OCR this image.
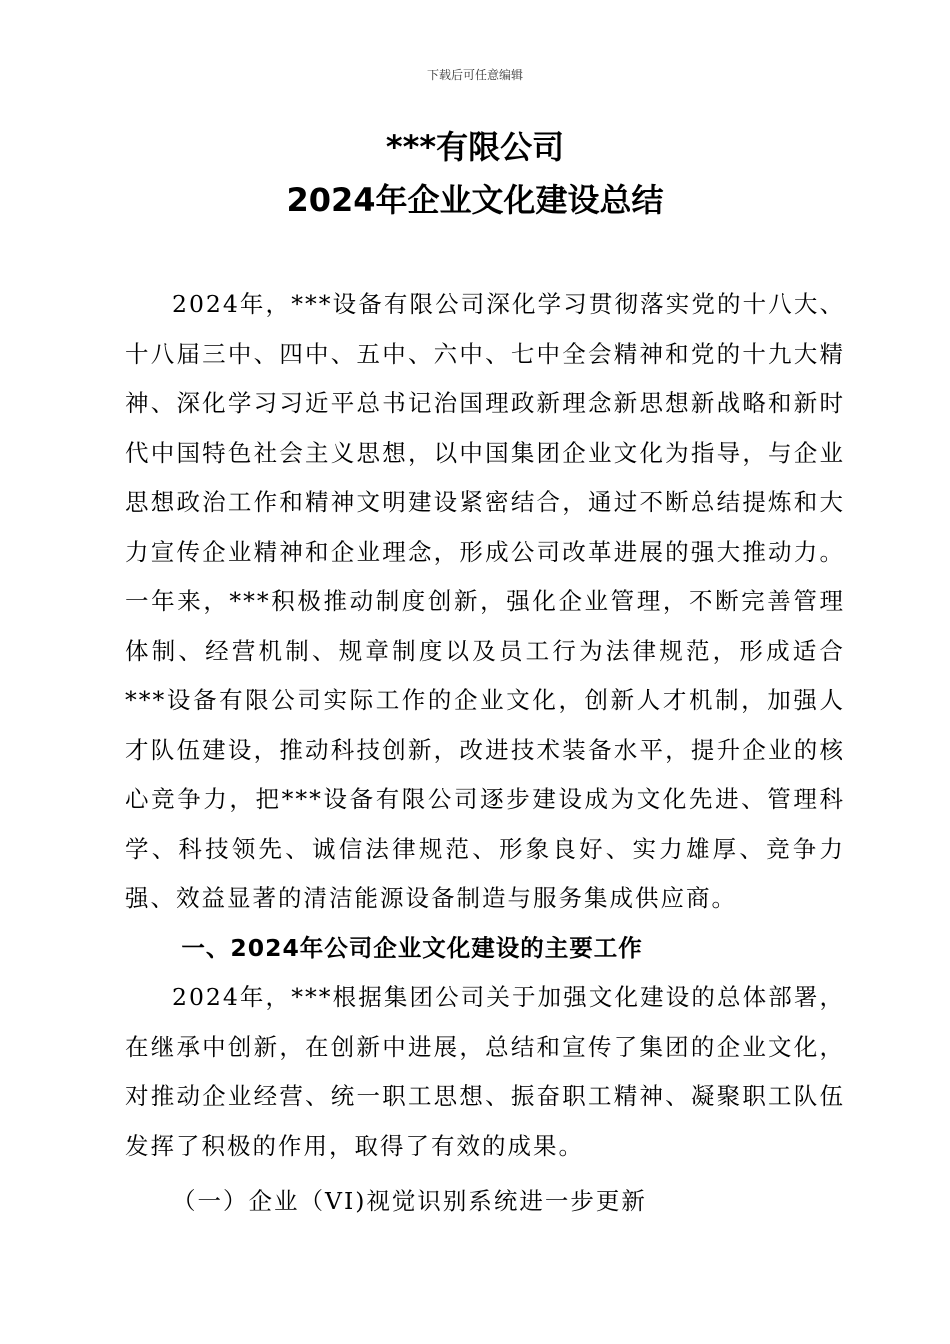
下载后可任意编辑
***有限公司
2024年企业文化建设总结

2024年，***设备有限公司深化学习贯彻落实党的十八大、十八届三中、四中、五中、六中、七中全会精神和党的十九大精神、深化学习习近平总书记治国理政新理念新思想新战略和新时代中国特色社会主义思想，以中国集团企业文化为指导，与企业思想政治工作和精神文明建设紧密结合，通过不断总结提炼和大力宣传企业精神和企业理念，形成公司改革进展的强大推动力。一年来，***积极推动制度创新，强化企业管理，不断完善管理体制、经营机制、规章制度以及员工行为法律规范，形成适合***设备有限公司实际工作的企业文化，创新人才机制，加强人才队伍建设，推动科技创新，改进技术装备水平，提升企业的核心竞争力，把***设备有限公司逐步建设成为文化先进、管理科学、科技领先、诚信法律规范、形象良好、实力雄厚、竞争力强、效益显著的清洁能源设备制造与服务集成供应商。

一、2024年公司企业文化建设的主要工作

2024年，***根据集团公司关于加强文化建设的总体部署，在继承中创新，在创新中进展，总结和宣传了集团的企业文化，对推动企业经营、统一职工思想、振奋职工精神、凝聚职工队伍发挥了积极的作用，取得了有效的成果。

（一）企业（VI)视觉识别系统进一步更新
